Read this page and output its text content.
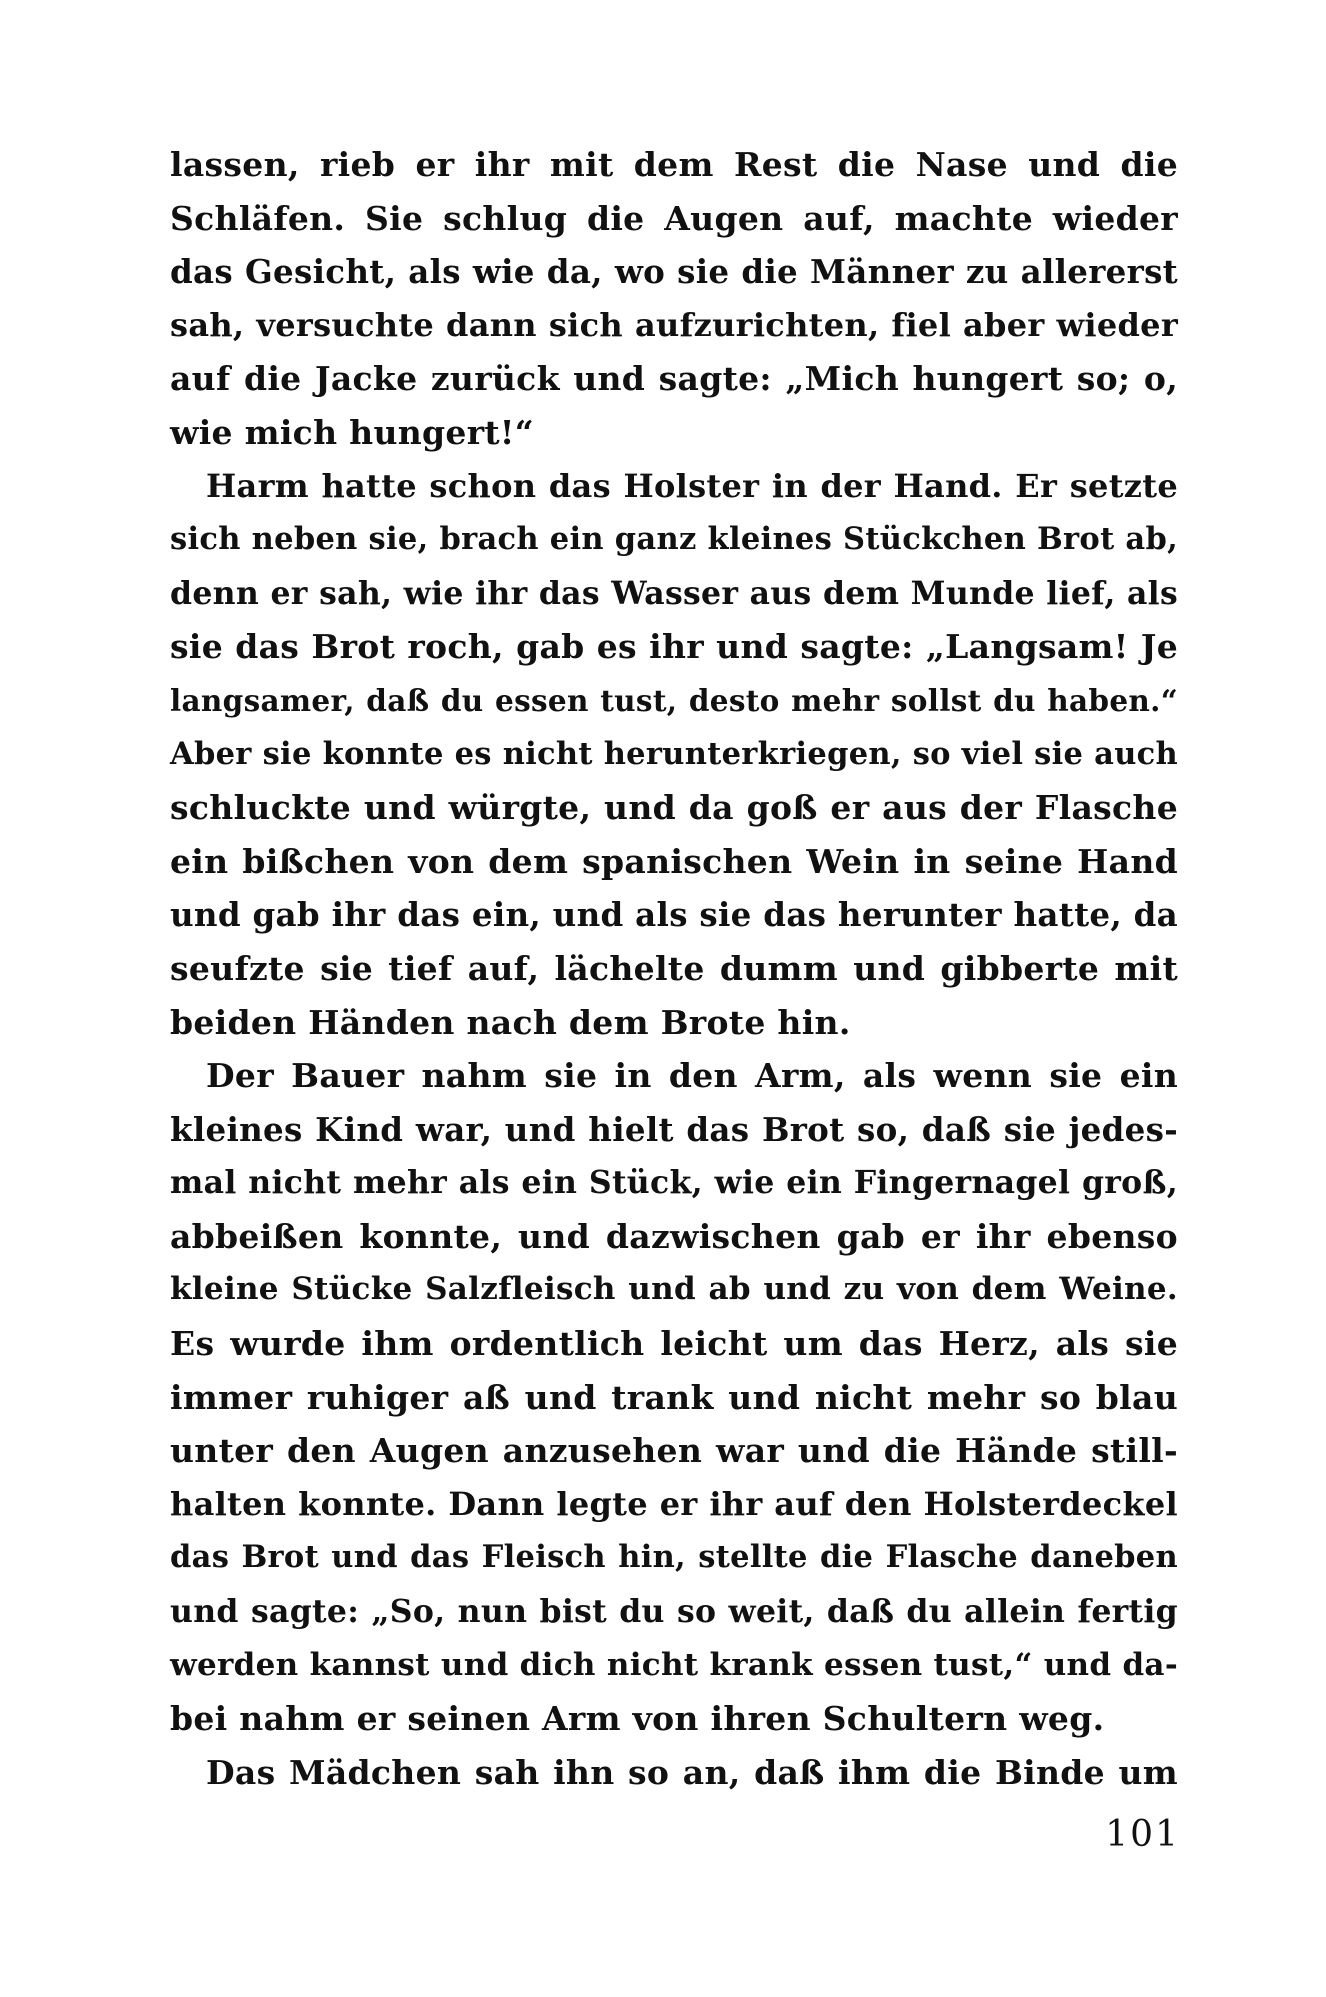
lassen, rieb er ihr mit dem Rest die Nase und die
Schläfen. Sie schlug die Augen auf, machte wieder
das Gesicht, als wie da, wo sie die Männer zu allererst
sah, versuchte dann sich aufzurichten, fiel aber wieder
auf die Jacke zurück und sagte: „Mich hungert so; o,
wie mich hungert!“
Harm hatte schon das Holster in der Hand. Er setzte
sich neben sie, brach ein ganz kleines Stückchen Brot ab,
denn er sah, wie ihr das Wasser aus dem Munde lief, als
sie das Brot roch, gab es ihr und sagte: „Langsam! Je
langsamer, daß du essen tust, desto mehr sollst du haben.“
Aber sie konnte es nicht herunterkriegen, so viel sie auch
schluckte und würgte, und da goß er aus der Flasche
ein bißchen von dem spanischen Wein in seine Hand
und gab ihr das ein, und als sie das herunter hatte, da
seufzte sie tief auf, lächelte dumm und gibberte mit
beiden Händen nach dem Brote hin.
Der Bauer nahm sie in den Arm, als wenn sie ein
kleines Kind war, und hielt das Brot so, daß sie jedes-
mal nicht mehr als ein Stück, wie ein Fingernagel groß,
abbeißen konnte, und dazwischen gab er ihr ebenso
kleine Stücke Salzfleisch und ab und zu von dem Weine.
Es wurde ihm ordentlich leicht um das Herz, als sie
immer ruhiger aß und trank und nicht mehr so blau
unter den Augen anzusehen war und die Hände still-
halten konnte. Dann legte er ihr auf den Holsterdeckel
das Brot und das Fleisch hin, stellte die Flasche daneben
und sagte: „So, nun bist du so weit, daß du allein fertig
werden kannst und dich nicht krank essen tust,“ und da-
bei nahm er seinen Arm von ihren Schultern weg.
Das Mädchen sah ihn so an, daß ihm die Binde um
101
